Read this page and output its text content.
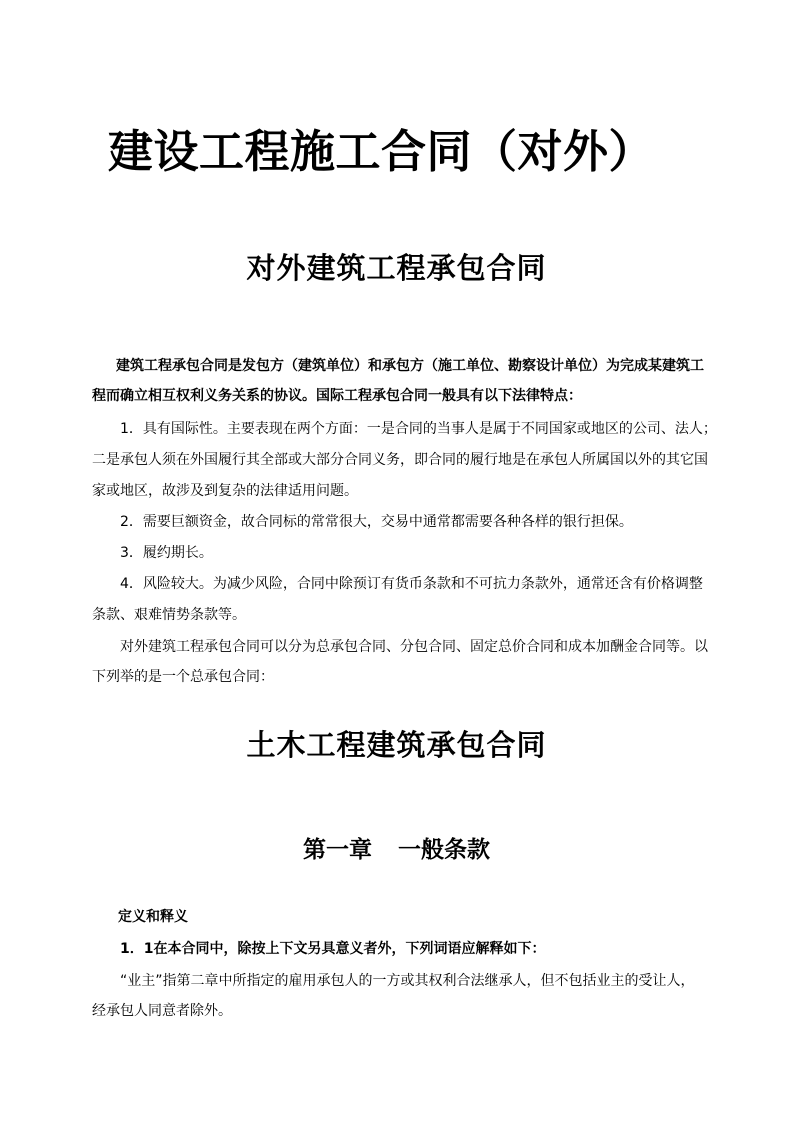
建设工程施工合同（对外）
对外建筑工程承包合同

建筑工程承包合同是发包方（建筑单位）和承包方（施工单位、勘察设计单位）为完成某建筑工

程而确立相互权利义务关系的协议。国际工程承包合同一般具有以下法律特点：

1．具有国际性。主要表现在两个方面：一是合同的当事人是属于不同国家或地区的公司、法人；

二是承包人须在外国履行其全部或大部分合同义务，即合同的履行地是在承包人所属国以外的其它国

家或地区，故涉及到复杂的法律适用问题。

2．需要巨额资金，故合同标的常常很大，交易中通常都需要各种各样的银行担保。

3．履约期长。

4．风险较大。为减少风险，合同中除预订有货币条款和不可抗力条款外，通常还含有价格调整

条款、艰难情势条款等。

对外建筑工程承包合同可以分为总承包合同、分包合同、固定总价合同和成本加酬金合同等。以

下列举的是一个总承包合同：

土木工程建筑承包合同
第一章 一般条款

定义和释义

1．1在本合同中，除按上下文另具意义者外，下列词语应解释如下：

“业主”指第二章中所指定的雇用承包人的一方或其权利合法继承人，但不包括业主的受让人，

经承包人同意者除外。
